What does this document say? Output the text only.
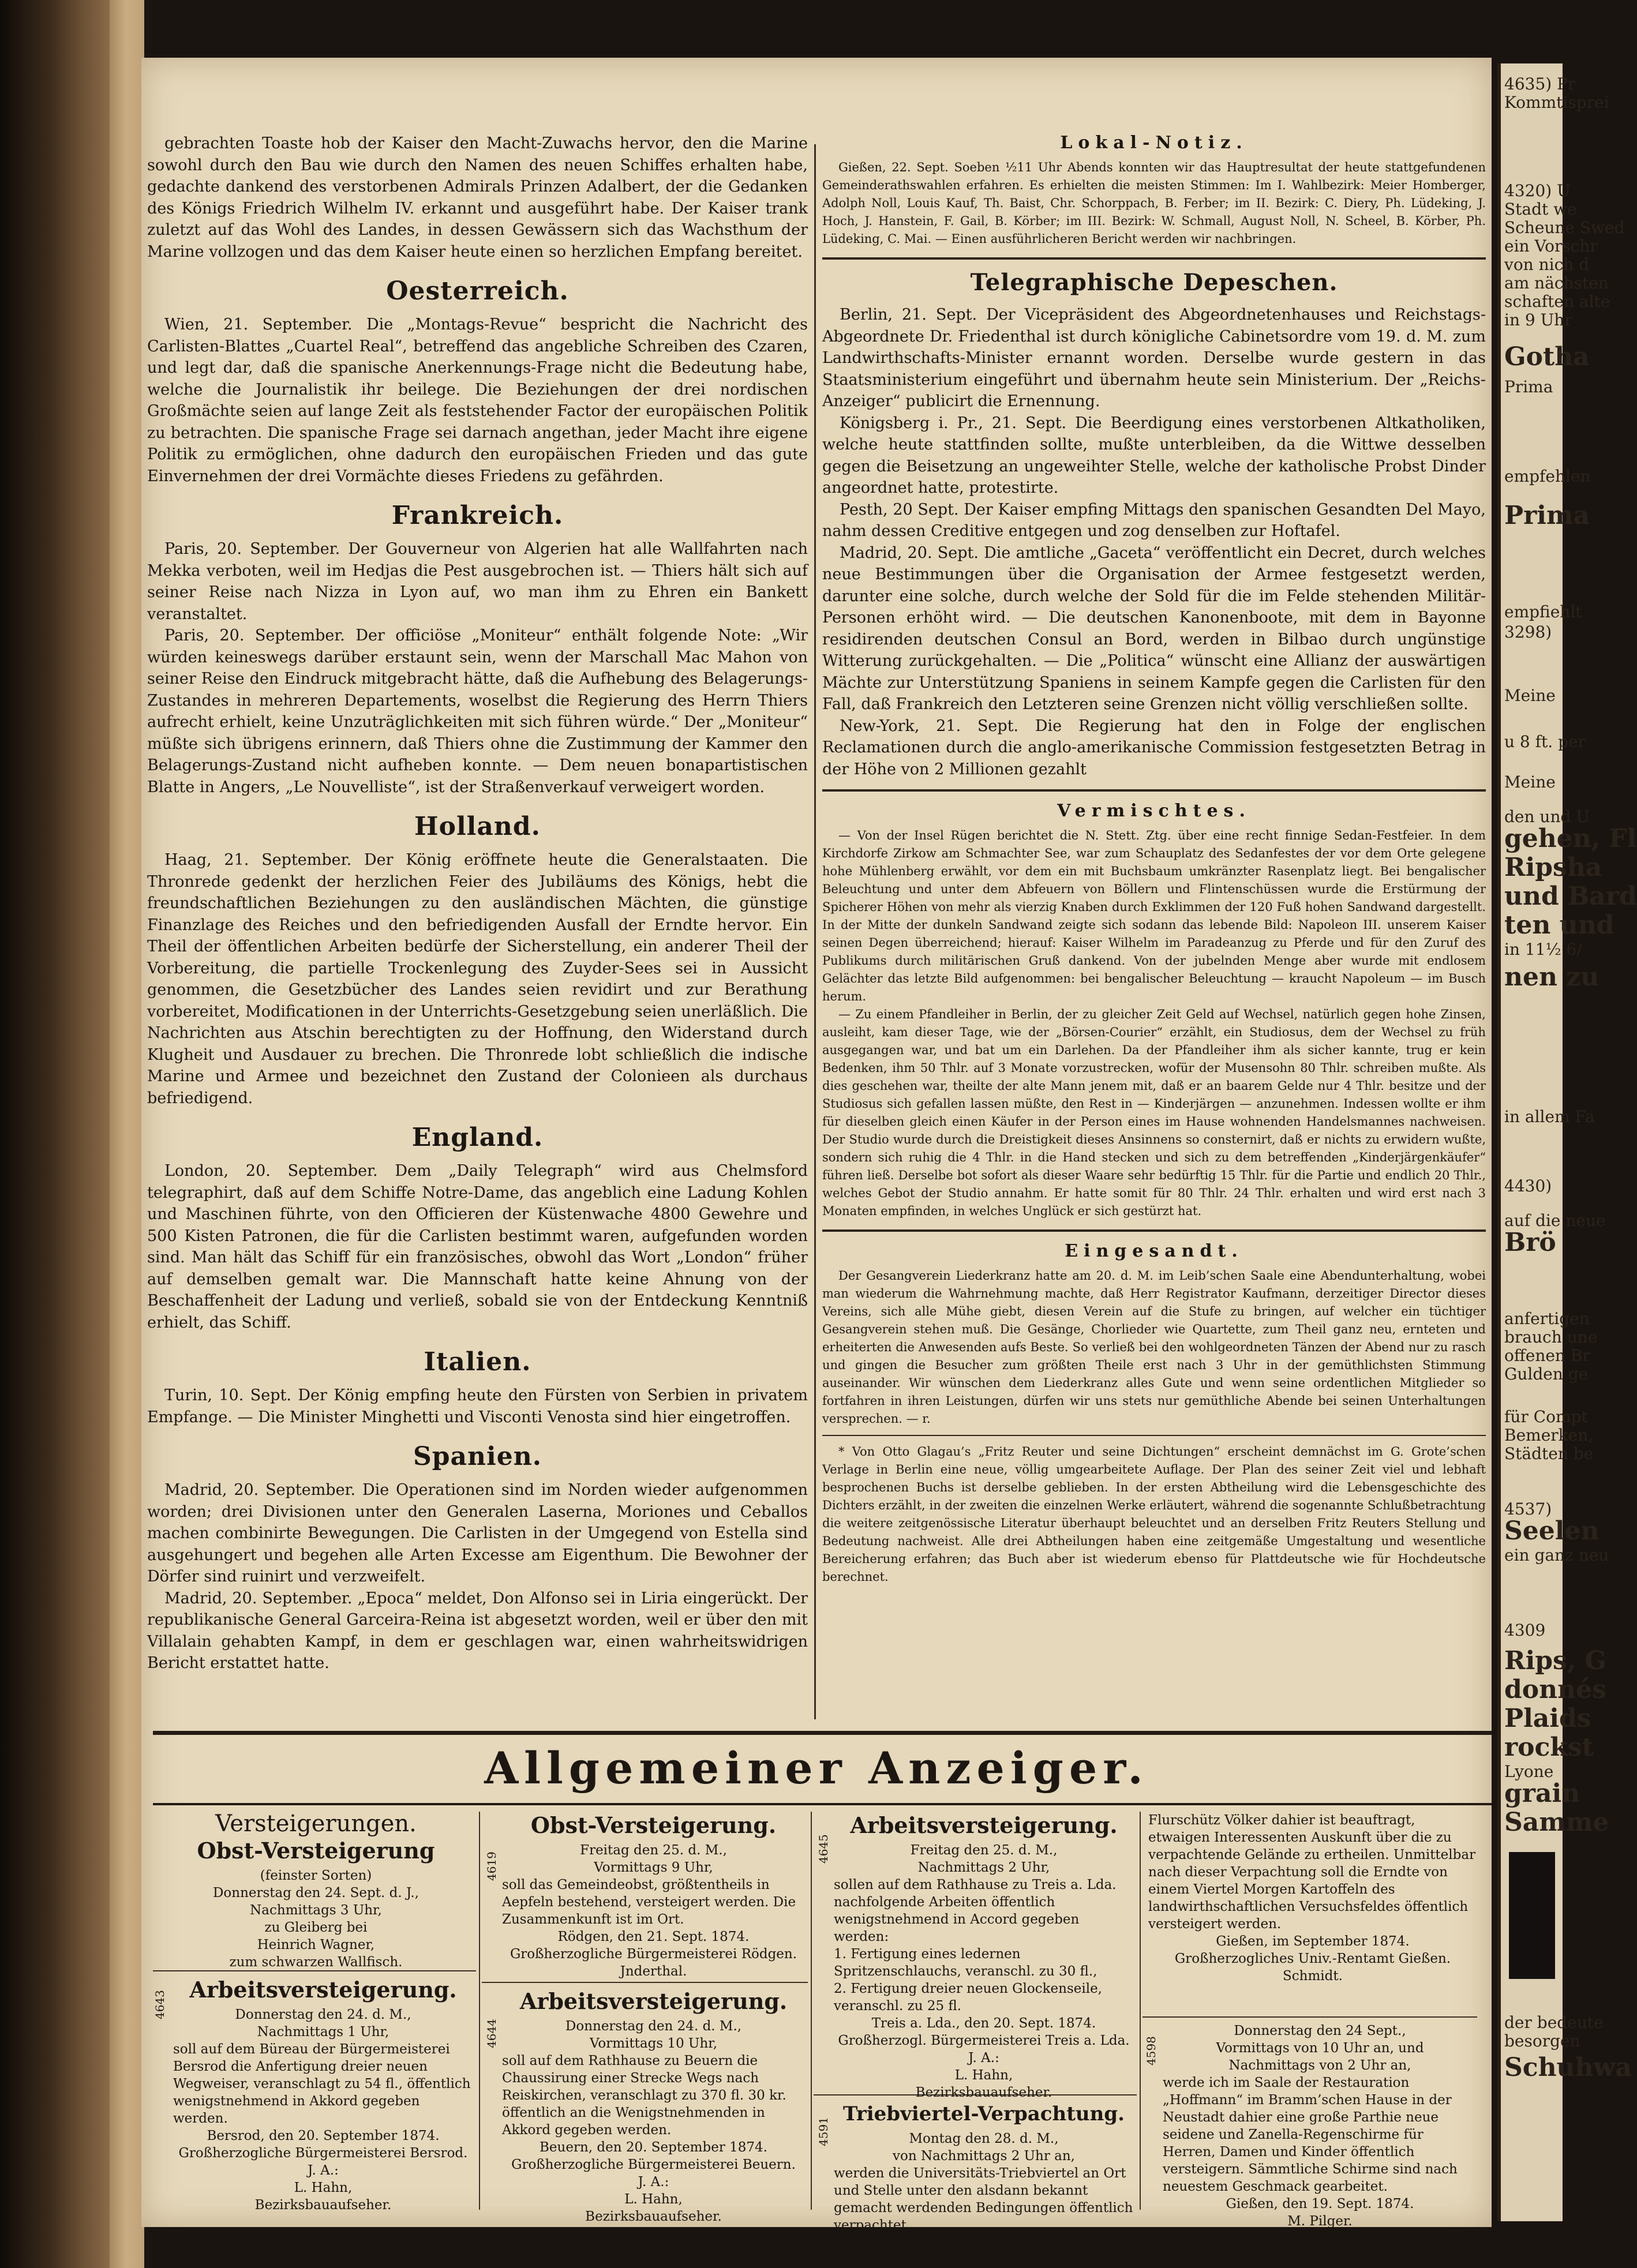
gebrachten Toaste hob der Kaiser den Macht-Zuwachs hervor, den die Marine sowohl durch den Bau wie durch den Namen des neuen Schiffes erhalten habe, gedachte dankend des verstorbenen Admirals Prinzen Adalbert, der die Gedanken des Königs Friedrich Wilhelm IV. erkannt und ausgeführt habe. Der Kaiser trank zuletzt auf das Wohl des Landes, in dessen Gewässern sich das Wachsthum der Marine vollzogen und das dem Kaiser heute einen so herzlichen Empfang bereitet.

Oesterreich.

Wien, 21. September. Die „Montags-Revue“ bespricht die Nachricht des Carlisten-Blattes „Cuartel Real“, betreffend das angebliche Schreiben des Czaren, und legt dar, daß die spanische Anerkennungs-Frage nicht die Bedeutung habe, welche die Journalistik ihr beilege. Die Beziehungen der drei nordischen Großmächte seien auf lange Zeit als feststehender Factor der europäischen Politik zu betrachten. Die spanische Frage sei darnach angethan, jeder Macht ihre eigene Politik zu ermöglichen, ohne dadurch den europäischen Frieden und das gute Einvernehmen der drei Vormächte dieses Friedens zu gefährden.

Frankreich.

Paris, 20. September. Der Gouverneur von Algerien hat alle Wallfahrten nach Mekka verboten, weil im Hedjas die Pest ausgebrochen ist. — Thiers hält sich auf seiner Reise nach Nizza in Lyon auf, wo man ihm zu Ehren ein Bankett veranstaltet.

Paris, 20. September. Der officiöse „Moniteur“ enthält folgende Note: „Wir würden keineswegs darüber erstaunt sein, wenn der Marschall Mac Mahon von seiner Reise den Eindruck mitgebracht hätte, daß die Aufhebung des Belagerungs-Zustandes in mehreren Departements, woselbst die Regierung des Herrn Thiers aufrecht erhielt, keine Unzuträglichkeiten mit sich führen würde.“ Der „Moniteur“ müßte sich übrigens erinnern, daß Thiers ohne die Zustimmung der Kammer den Belagerungs-Zustand nicht aufheben konnte. — Dem neuen bonapartistischen Blatte in Angers, „Le Nouvelliste“, ist der Straßenverkauf verweigert worden.

Holland.

Haag, 21. September. Der König eröffnete heute die Generalstaaten. Die Thronrede gedenkt der herzlichen Feier des Jubiläums des Königs, hebt die freundschaftlichen Beziehungen zu den ausländischen Mächten, die günstige Finanzlage des Reiches und den befriedigenden Ausfall der Erndte hervor. Ein Theil der öffentlichen Arbeiten bedürfe der Sicherstellung, ein anderer Theil der Vorbereitung, die partielle Trockenlegung des Zuyder-Sees sei in Aussicht genommen, die Gesetzbücher des Landes seien revidirt und zur Berathung vorbereitet, Modificationen in der Unterrichts-Gesetzgebung seien unerläßlich. Die Nachrichten aus Atschin berechtigten zu der Hoffnung, den Widerstand durch Klugheit und Ausdauer zu brechen. Die Thronrede lobt schließlich die indische Marine und Armee und bezeichnet den Zustand der Colonieen als durchaus befriedigend.

England.

London, 20. September. Dem „Daily Telegraph“ wird aus Chelmsford telegraphirt, daß auf dem Schiffe Notre-Dame, das angeblich eine Ladung Kohlen und Maschinen führte, von den Officieren der Küstenwache 4800 Gewehre und 500 Kisten Patronen, die für die Carlisten bestimmt waren, aufgefunden worden sind. Man hält das Schiff für ein französisches, obwohl das Wort „London“ früher auf demselben gemalt war. Die Mannschaft hatte keine Ahnung von der Beschaffenheit der Ladung und verließ, sobald sie von der Entdeckung Kenntniß erhielt, das Schiff.

Italien.

Turin, 10. Sept. Der König empfing heute den Fürsten von Serbien in privatem Empfange. — Die Minister Minghetti und Visconti Venosta sind hier eingetroffen.

Spanien.

Madrid, 20. September. Die Operationen sind im Norden wieder aufgenommen worden; drei Divisionen unter den Generalen Laserna, Moriones und Ceballos machen combinirte Bewegungen. Die Carlisten in der Umgegend von Estella sind ausgehungert und begehen alle Arten Excesse am Eigenthum. Die Bewohner der Dörfer sind ruinirt und verzweifelt.

Madrid, 20. September. „Epoca“ meldet, Don Alfonso sei in Liria eingerückt. Der republikanische General Garceira-Reina ist abgesetzt worden, weil er über den mit Villalain gehabten Kampf, in dem er geschlagen war, einen wahrheitswidrigen Bericht erstattet hatte.

Lokal-Notiz.

Gießen, 22. Sept. Soeben ½11 Uhr Abends konnten wir das Hauptresultat der heute stattgefundenen Gemeinderathswahlen erfahren. Es erhielten die meisten Stimmen: Im I. Wahlbezirk: Meier Homberger, Adolph Noll, Louis Kauf, Th. Baist, Chr. Schorppach, B. Ferber; im II. Bezirk: C. Diery, Ph. Lüdeking, J. Hoch, J. Hanstein, F. Gail, B. Körber; im III. Bezirk: W. Schmall, August Noll, N. Scheel, B. Körber, Ph. Lüdeking, C. Mai. — Einen ausführlicheren Bericht werden wir nachbringen.

Telegraphische Depeschen.

Berlin, 21. Sept. Der Vicepräsident des Abgeordnetenhauses und Reichstags-Abgeordnete Dr. Friedenthal ist durch königliche Cabinetsordre vom 19. d. M. zum Landwirthschafts-Minister ernannt worden. Derselbe wurde gestern in das Staatsministerium eingeführt und übernahm heute sein Ministerium. Der „Reichs-Anzeiger“ publicirt die Ernennung.

Königsberg i. Pr., 21. Sept. Die Beerdigung eines verstorbenen Altkatholiken, welche heute stattfinden sollte, mußte unterbleiben, da die Wittwe desselben gegen die Beisetzung an ungeweihter Stelle, welche der katholische Probst Dinder angeordnet hatte, protestirte.

Pesth, 20 Sept. Der Kaiser empfing Mittags den spanischen Gesandten Del Mayo, nahm dessen Creditive entgegen und zog denselben zur Hoftafel.

Madrid, 20. Sept. Die amtliche „Gaceta“ veröffentlicht ein Decret, durch welches neue Bestimmungen über die Organisation der Armee festgesetzt werden, darunter eine solche, durch welche der Sold für die im Felde stehenden Militär-Personen erhöht wird. — Die deutschen Kanonenboote, mit dem in Bayonne residirenden deutschen Consul an Bord, werden in Bilbao durch ungünstige Witterung zurückgehalten. — Die „Politica“ wünscht eine Allianz der auswärtigen Mächte zur Unterstützung Spaniens in seinem Kampfe gegen die Carlisten für den Fall, daß Frankreich den Letzteren seine Grenzen nicht völlig verschließen sollte.

New-York, 21. Sept. Die Regierung hat den in Folge der englischen Reclamationen durch die anglo-amerikanische Commission festgesetzten Betrag in der Höhe von 2 Millionen gezahlt

Vermischtes.

— Von der Insel Rügen berichtet die N. Stett. Ztg. über eine recht finnige Sedan-Festfeier. In dem Kirchdorfe Zirkow am Schmachter See, war zum Schauplatz des Sedanfestes der vor dem Orte gelegene hohe Mühlenberg erwählt, vor dem ein mit Buchsbaum umkränzter Rasenplatz liegt. Bei bengalischer Beleuchtung und unter dem Abfeuern von Böllern und Flintenschüssen wurde die Erstürmung der Spicherer Höhen von mehr als vierzig Knaben durch Exklimmen der 120 Fuß hohen Sandwand dargestellt. In der Mitte der dunkeln Sandwand zeigte sich sodann das lebende Bild: Napoleon III. unserem Kaiser seinen Degen überreichend; hierauf: Kaiser Wilhelm im Paradeanzug zu Pferde und für den Zuruf des Publikums durch militärischen Gruß dankend. Von der jubelnden Menge aber wurde mit endlosem Gelächter das letzte Bild aufgenommen: bei bengalischer Beleuchtung — kraucht Napoleum — im Busch herum.

— Zu einem Pfandleiher in Berlin, der zu gleicher Zeit Geld auf Wechsel, natürlich gegen hohe Zinsen, ausleiht, kam dieser Tage, wie der „Börsen-Courier“ erzählt, ein Studiosus, dem der Wechsel zu früh ausgegangen war, und bat um ein Darlehen. Da der Pfandleiher ihm als sicher kannte, trug er kein Bedenken, ihm 50 Thlr. auf 3 Monate vorzustrecken, wofür der Musensohn 80 Thlr. schreiben mußte. Als dies geschehen war, theilte der alte Mann jenem mit, daß er an baarem Gelde nur 4 Thlr. besitze und der Studiosus sich gefallen lassen müßte, den Rest in — Kinderjärgen — anzunehmen. Indessen wollte er ihm für dieselben gleich einen Käufer in der Person eines im Hause wohnenden Handelsmannes nachweisen. Der Studio wurde durch die Dreistigkeit dieses Ansinnens so consternirt, daß er nichts zu erwidern wußte, sondern sich ruhig die 4 Thlr. in die Hand stecken und sich zu dem betreffenden „Kinderjärgenkäufer“ führen ließ. Derselbe bot sofort als dieser Waare sehr bedürftig 15 Thlr. für die Partie und endlich 20 Thlr., welches Gebot der Studio annahm. Er hatte somit für 80 Thlr. 24 Thlr. erhalten und wird erst nach 3 Monaten empfinden, in welches Unglück er sich gestürzt hat.

Eingesandt.

Der Gesangverein Liederkranz hatte am 20. d. M. im Leib’schen Saale eine Abendunterhaltung, wobei man wiederum die Wahrnehmung machte, daß Herr Registrator Kaufmann, derzeitiger Director dieses Vereins, sich alle Mühe giebt, diesen Verein auf die Stufe zu bringen, auf welcher ein tüchtiger Gesangverein stehen muß. Die Gesänge, Chorlieder wie Quartette, zum Theil ganz neu, ernteten und erheiterten die Anwesenden aufs Beste. So verließ bei den wohlgeordneten Tänzen der Abend nur zu rasch und gingen die Besucher zum größten Theile erst nach 3 Uhr in der gemüthlichsten Stimmung auseinander. Wir wünschen dem Liederkranz alles Gute und wenn seine ordentlichen Mitglieder so fortfahren in ihren Leistungen, dürfen wir uns stets nur gemüthliche Abende bei seinen Unterhaltungen versprechen. — r.

* Von Otto Glagau’s „Fritz Reuter und seine Dichtungen“ erscheint demnächst im G. Grote’schen Verlage in Berlin eine neue, völlig umgearbeitete Auflage. Der Plan des seiner Zeit viel und lebhaft besprochenen Buchs ist derselbe geblieben. In der ersten Abtheilung wird die Lebensgeschichte des Dichters erzählt, in der zweiten die einzelnen Werke erläutert, während die sogenannte Schlußbetrachtung die weitere zeitgenössische Literatur überhaupt beleuchtet und an derselben Fritz Reuters Stellung und Bedeutung nachweist. Alle drei Abtheilungen haben eine zeitgemäße Umgestaltung und wesentliche Bereicherung erfahren; das Buch aber ist wiederum ebenso für Plattdeutsche wie für Hochdeutsche berechnet.

Allgemeiner Anzeiger.
Versteigerungen.
Obst-Versteigerung
(feinster Sorten)
Donnerstag den 24. Sept. d. J.,
Nachmittags 3 Uhr,
zu Gleiberg bei
Heinrich Wagner,
zum schwarzen Wallfisch.
4643
Arbeitsversteigerung.
Donnerstag den 24. d. M.,
Nachmittags 1 Uhr,
soll auf dem Büreau der Bürgermeisterei Bersrod die Anfertigung dreier neuen Wegweiser, veranschlagt zu 54 fl., öffentlich wenigstnehmend in Akkord gegeben werden.
Bersrod, den 20. September 1874.
Großherzogliche Bürgermeisterei Bersrod.
J. A.:
L. Hahn,
Bezirksbauaufseher.
4619
Obst-Versteigerung.
Freitag den 25. d. M.,
Vormittags 9 Uhr,
soll das Gemeindeobst, größtentheils in Aepfeln bestehend, versteigert werden. Die Zusammenkunft ist im Ort.
Rödgen, den 21. Sept. 1874.
Großherzogliche Bürgermeisterei Rödgen.
Jnderthal.
4644
Arbeitsversteigerung.
Donnerstag den 24. d. M.,
Vormittags 10 Uhr,
soll auf dem Rathhause zu Beuern die Chaussirung einer Strecke Wegs nach Reiskirchen, veranschlagt zu 370 fl. 30 kr. öffentlich an die Wenigstnehmenden in Akkord gegeben werden.
Beuern, den 20. September 1874.
Großherzogliche Bürgermeisterei Beuern.
J. A.:
L. Hahn,
Bezirksbauaufseher.
4645
Arbeitsversteigerung.
Freitag den 25. d. M.,
Nachmittags 2 Uhr,
sollen auf dem Rathhause zu Treis a. Lda. nachfolgende Arbeiten öffentlich wenigstnehmend in Accord gegeben werden:
1. Fertigung eines ledernen Spritzenschlauchs, veranschl. zu 30 fl.,
2. Fertigung dreier neuen Glockenseile, veranschl. zu 25 fl.
Treis a. Lda., den 20. Sept. 1874.
Großherzogl. Bürgermeisterei Treis a. Lda.
J. A.:
L. Hahn,
Bezirksbauaufseher.
4591
Triebviertel-Verpachtung.
Montag den 28. d. M.,
von Nachmittags 2 Uhr an,
werden die Universitäts-Triebviertel an Ort und Stelle unter den alsdann bekannt gemacht werdenden Bedingungen öffentlich verpachtet.
Flurschütz Völker dahier ist beauftragt, etwaigen Interessenten Auskunft über die zu verpachtende Gelände zu ertheilen. Unmittelbar nach dieser Verpachtung soll die Erndte von einem Viertel Morgen Kartoffeln des landwirthschaftlichen Versuchsfeldes öffentlich versteigert werden.
Gießen, im September 1874.
Großherzogliches Univ.-Rentamt Gießen.
Schmidt.
4598
Donnerstag den 24 Sept.,
Vormittags von 10 Uhr an, und
Nachmittags von 2 Uhr an,
werde ich im Saale der Restauration „Hoffmann“ im Bramm’schen Hause in der Neustadt dahier eine große Parthie neue seidene und Zanella-Regenschirme für Herren, Damen und Kinder öffentlich versteigern. Sämmtliche Schirme sind nach neuestem Geschmack gearbeitet.
Gießen, den 19. Sept. 1874.
M. Pilger.
4635) Pr
Kommtisprei
4320) U
Stadt we
Scheune Swed
ein Vorschr
von nich d
am nächsten
schaften alte
in 9 Uhr
Gotha
Prima
empfehlen
Prima
empfiehlt
3298)
Meine
u 8 ft. per
Meine
den und U
gehen, Fl
Ripsha
und Bard
ten und
in 11½ 6/
nen zu
in allem Fa
4430)
auf die neue
Brö
anfertigen
brauch une
offenen Br
Gulden ge
für Compt
Bemerken,
Städten be
4537)
Seelen
ein ganz neu
4309
Rips, G
donnés
Plaids
rockst
Lyone
grain
Samme
der bedeute
besorgen
Schuhwa
